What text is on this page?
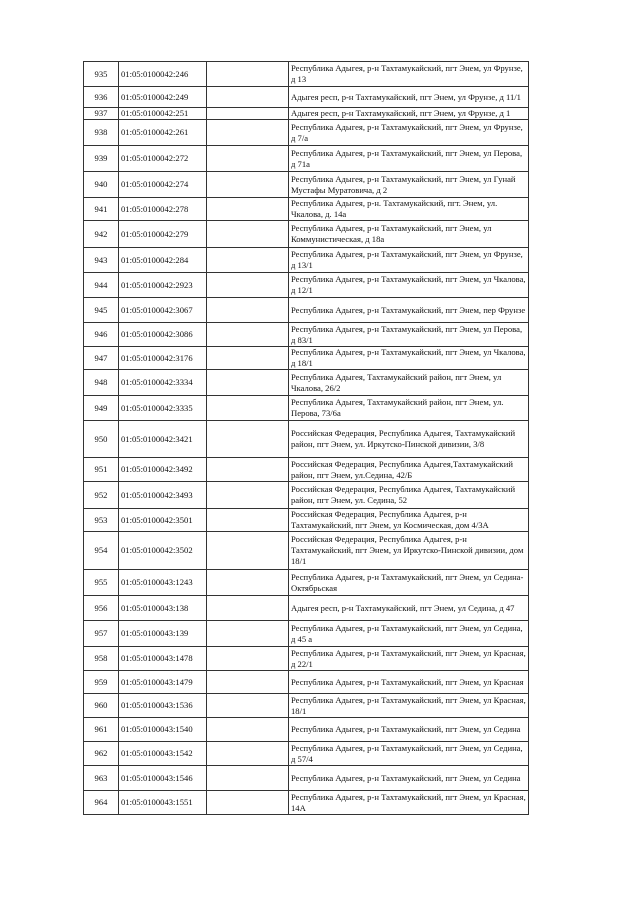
935	01:05:0100042:246		Республика Адыгея, р-н Тахтамукайский, пгт Энем, ул Фрунзе, д 13
936	01:05:0100042:249		Адыгея респ, р-н Тахтамукайский, пгт Энем, ул Фрунзе, д 11/1
937	01:05:0100042:251		Адыгея респ, р-н Тахтамукайский, пгт Энем, ул Фрунзе, д 1
938	01:05:0100042:261		Республика Адыгея, р-н Тахтамукайский, пгт Энем, ул Фрунзе, д 7/а
939	01:05:0100042:272		Республика Адыгея, р-н Тахтамукайский, пгт Энем, ул Перова, д 71а
940	01:05:0100042:274		Республика Адыгея, р-н Тахтамукайский, пгт Энем, ул Гунай Мустафы Муратовича, д 2
941	01:05:0100042:278		Республика Адыгея, р-н. Тахтамукайский, пгт. Энем, ул. Чкалова, д. 14а
942	01:05:0100042:279		Республика Адыгея, р-н Тахтамукайский, пгт Энем, ул Коммунистическая, д 18а
943	01:05:0100042:284		Республика Адыгея, р-н Тахтамукайский, пгт Энем, ул Фрунзе, д 13/1
944	01:05:0100042:2923		Республика Адыгея, р-н Тахтамукайский, пгт Энем, ул Чкалова, д 12/1
945	01:05:0100042:3067		Республика Адыгея, р-н Тахтамукайский, пгт Энем, пер Фрунзе
946	01:05:0100042:3086		Республика Адыгея, р-н Тахтамукайский, пгт Энем, ул Перова, д 83/1
947	01:05:0100042:3176		Республика Адыгея, р-н Тахтамукайский, пгт Энем, ул Чкалова, д 18/1
948	01:05:0100042:3334		Республика Адыгея, Тахтамукайский район, пгт Энем, ул Чкалова, 26/2
949	01:05:0100042:3335		Республика Адыгея, Тахтамукайский район, пгт Энем, ул. Перова, 73/6а
950	01:05:0100042:3421		Российская Федерация, Республика Адыгея, Тахтамукайский район, пгт Энем, ул. Иркутско-Пинской дивизии, 3/8
951	01:05:0100042:3492		Российская Федерация, Республика Адыгея,Тахтамукайский район, пгт Энем, ул.Седина, 42/Б
952	01:05:0100042:3493		Российская Федерация, Республика Адыгея, Тахтамукайский район, пгт Энем, ул. Седина, 52
953	01:05:0100042:3501		Российская Федерация, Республика Адыгея, р-н Тахтамукайский, пгт Энем, ул Космическая, дом 4/3А
954	01:05:0100042:3502		Российская Федерация, Республика Адыгея, р-н Тахтамукайский, пгт Энем, ул Иркутско-Пинской дивизии, дом 18/1
955	01:05:0100043:1243		Республика Адыгея, р-н Тахтамукайский, пгт Энем, ул Седина-Октябрьская
956	01:05:0100043:138		Адыгея респ, р-н Тахтамукайский, пгт Энем, ул Седина, д 47
957	01:05:0100043:139		Республика Адыгея, р-н Тахтамукайский, пгт Энем, ул Седина, д 45 а
958	01:05:0100043:1478		Республика Адыгея, р-н Тахтамукайский, пгт Энем, ул Красная, д 22/1
959	01:05:0100043:1479		Республика Адыгея, р-н Тахтамукайский, пгт Энем, ул Красная
960	01:05:0100043:1536		Республика Адыгея, р-н Тахтамукайский, пгт Энем, ул Красная, 18/1
961	01:05:0100043:1540		Республика Адыгея, р-н Тахтамукайский, пгт Энем, ул Седина
962	01:05:0100043:1542		Республика Адыгея, р-н Тахтамукайский, пгт Энем, ул Седина, д 57/4
963	01:05:0100043:1546		Республика Адыгея, р-н Тахтамукайский, пгт Энем, ул Седина
964	01:05:0100043:1551		Республика Адыгея, р-н Тахтамукайский, пгт Энем, ул Красная, 14А
